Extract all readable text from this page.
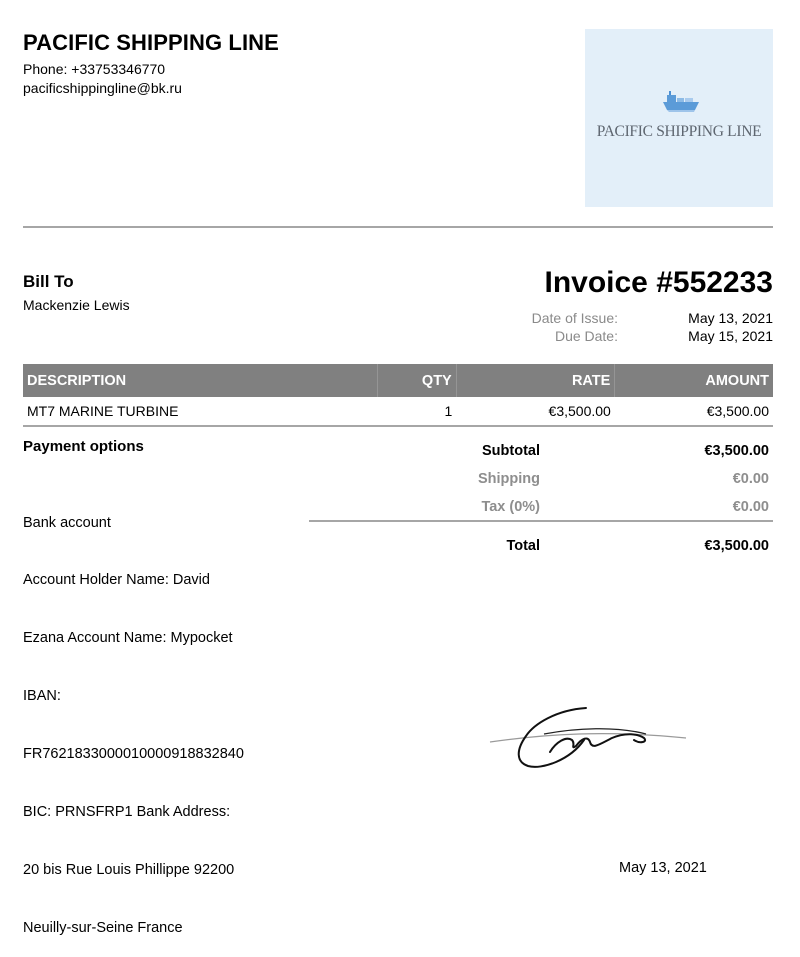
PACIFIC SHIPPING LINE
Phone: +33753346770
pacificshippingline@bk.ru
PACIFIC SHIPPING LINE
Bill To
Mackenzie Lewis
Invoice #552233
Date of Issue:	May 13, 2021
Due Date:	May 15, 2021
DESCRIPTION	QTY	RATE	AMOUNT
MT7 MARINE TURBINE	1	€3,500.00	€3,500.00
Payment options

Bank account

Account Holder Name: David

Ezana Account Name: Mypocket

IBAN:

FR7621833000010000918832840

BIC: PRNSFRP1 Bank Address:

20 bis Rue Louis Phillippe 92200

Neuilly-sur-Seine France

Subtotal	€3,500.00
Shipping	€0.00
Tax (0%)	€0.00
Total	€3,500.00
May 13, 2021
